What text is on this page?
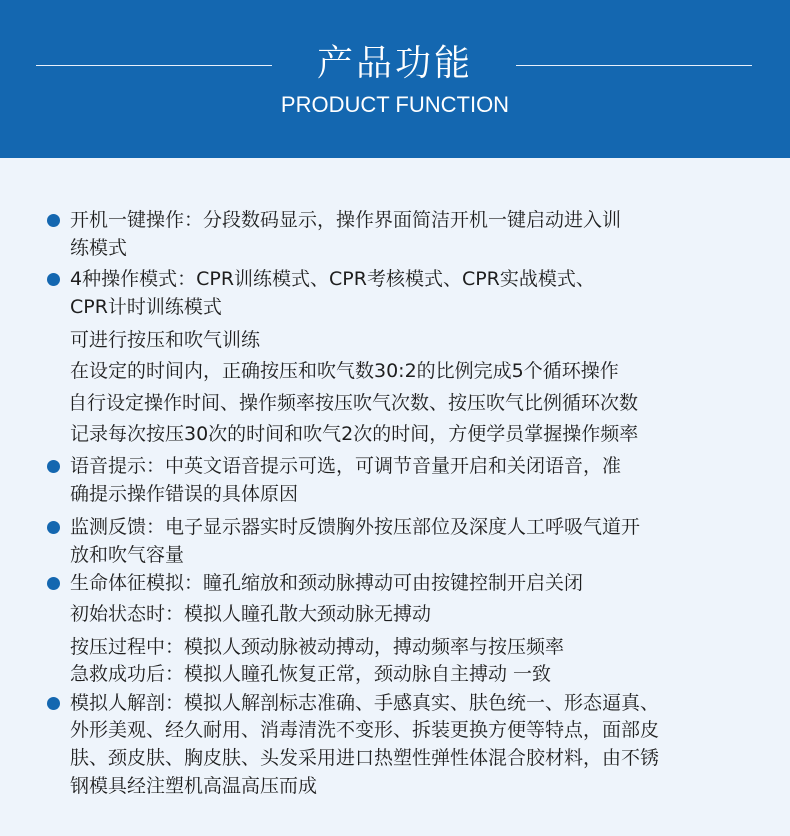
产品功能
PRODUCT FUNCTION
开机一键操作：分段数码显示，操作界面简洁开机一键启动进入训
练模式
4种操作模式：CPR训练模式、CPR考核模式、CPR实战模式、
CPR计时训练模式
可进行按压和吹气训练
在设定的时间内，正确按压和吹气数30:2的比例完成5个循环操作
自行设定操作时间、操作频率按压吹气次数、按压吹气比例循环次数
记录每次按压30次的时间和吹气2次的时间，方便学员掌握操作频率
语音提示：中英文语音提示可选，可调节音量开启和关闭语音，准
确提示操作错误的具体原因
监测反馈：电子显示器实时反馈胸外按压部位及深度人工呼吸气道开
放和吹气容量
生命体征模拟：瞳孔缩放和颈动脉搏动可由按键控制开启关闭
初始状态时：模拟人瞳孔散大颈动脉无搏动
按压过程中：模拟人颈动脉被动搏动，搏动频率与按压频率
急救成功后：模拟人瞳孔恢复正常，颈动脉自主搏动 一致
模拟人解剖：模拟人解剖标志准确、手感真实、肤色统一、形态逼真、
外形美观、经久耐用、消毒清洗不变形、拆装更换方便等特点，面部皮
肤、颈皮肤、胸皮肤、头发采用进口热塑性弹性体混合胶材料，由不锈
钢模具经注塑机高温高压而成
